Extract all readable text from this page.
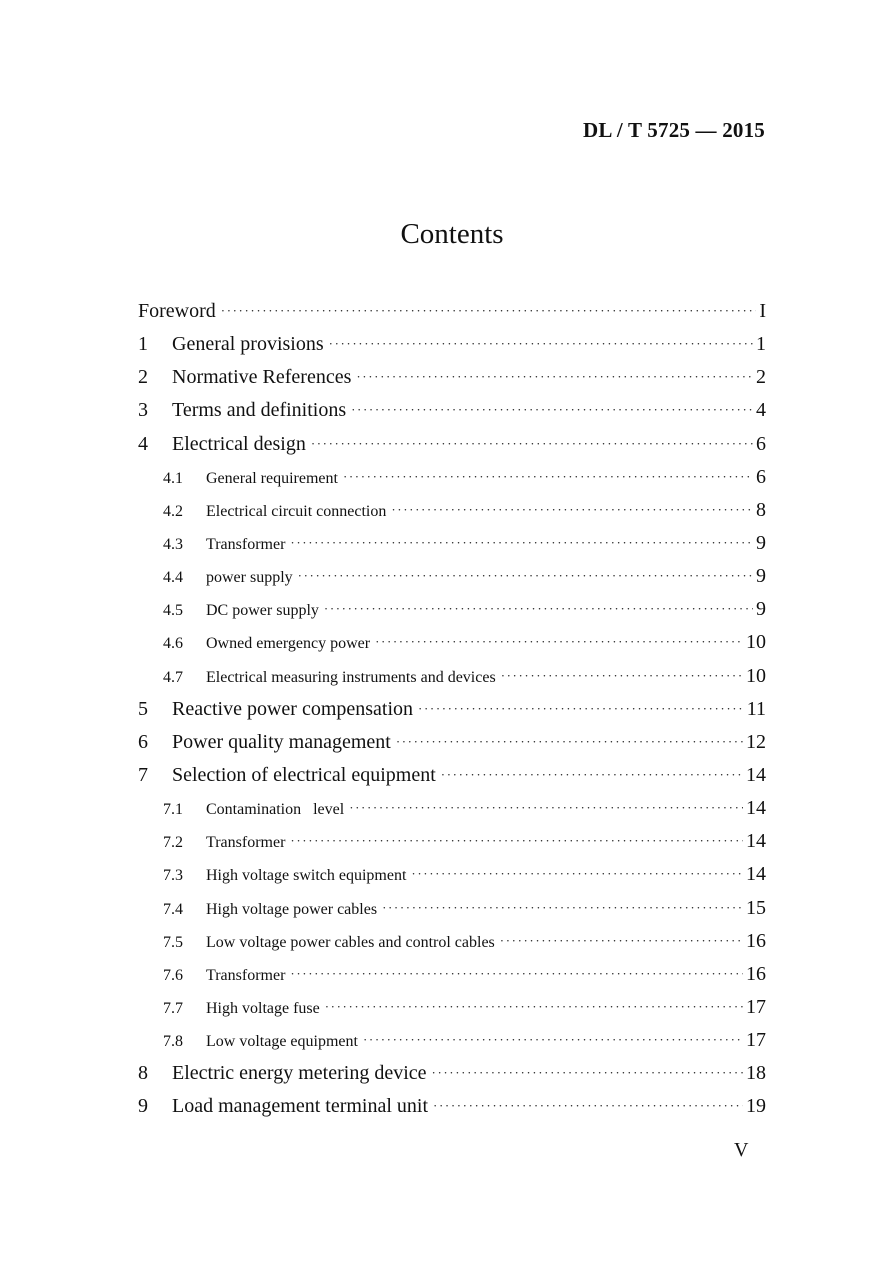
DL / T 5725 — 2015
Contents
Foreword ·····	I
1	General provisions ·····	1
2	Normative References ·····	2
3	Terms and definitions ·····	4
4	Electrical design ·····	6
4.1	General requirement ·····	6
4.2	Electrical circuit connection ·····	8
4.3	Transformer ·····	9
4.4	power supply ·····	9
4.5	DC power supply ·····	9
4.6	Owned emergency power ·····	10
4.7	Electrical measuring instruments and devices ·····	10
5	Reactive power compensation ·····	11
6	Power quality management ·····	12
7	Selection of electrical equipment ·····	14
7.1	Contamination   level ·····	14
7.2	Transformer ·····	14
7.3	High voltage switch equipment ·····	14
7.4	High voltage power cables ·····	15
7.5	Low voltage power cables and control cables ·····	16
7.6	Transformer ·····	16
7.7	High voltage fuse ·····	17
7.8	Low voltage equipment ·····	17
8	Electric energy metering device ·····	18
9	Load management terminal unit ·····	19
V
